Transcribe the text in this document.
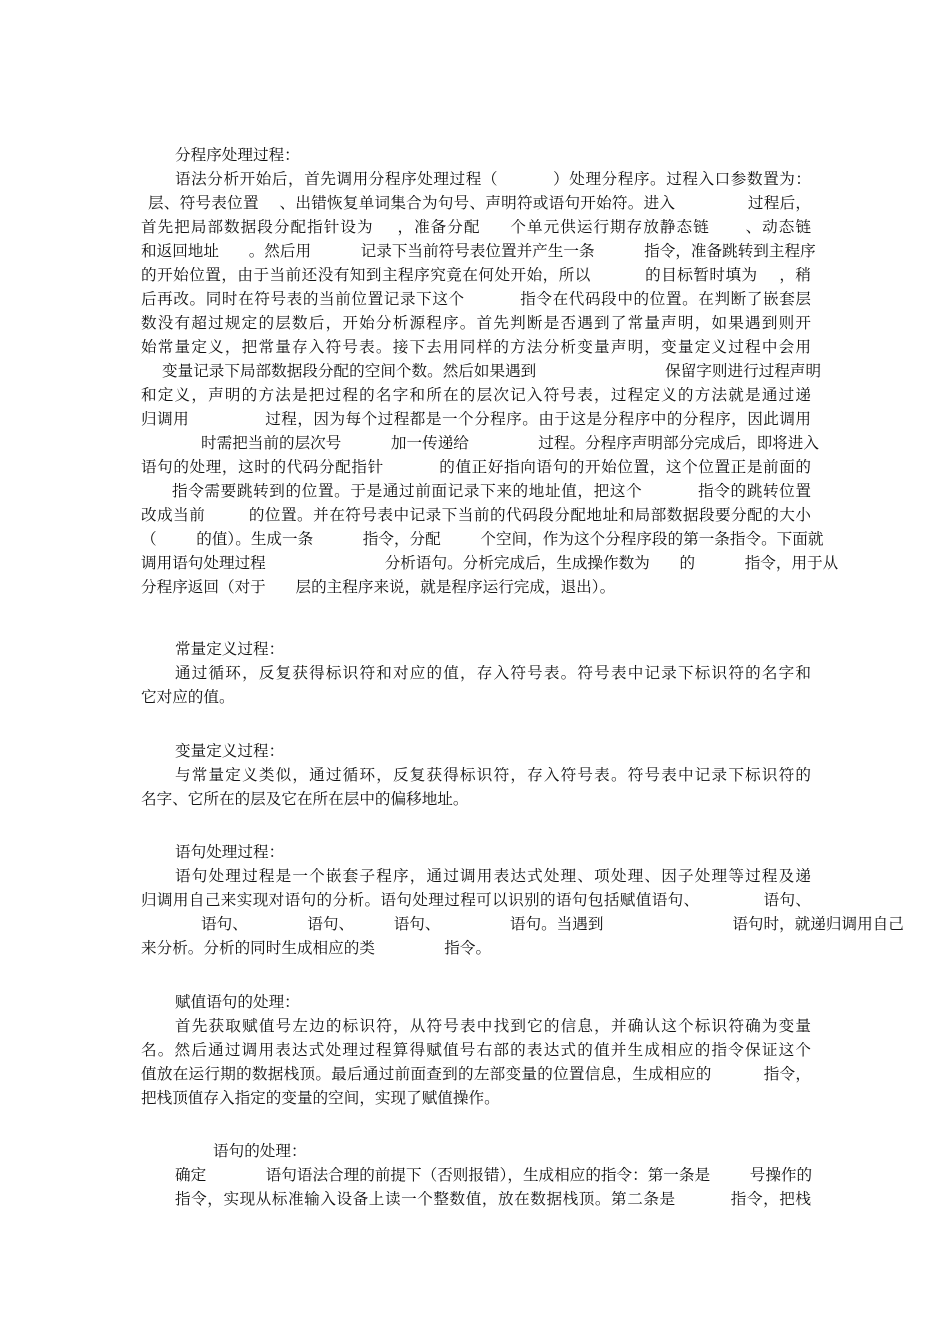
分程序处理过程：
语法分析开始后，首先调用分程序处理过程（          ）处理分程序。过程入口参数置为：
层、符号表位置    、出错恢复单词集合为句号、声明符或语句开始符。进入              过程后，
首先把局部数据段分配指针设为    ，准备分配     个单元供运行期存放静态链      、动态链
和返回地址      。然后用          记录下当前符号表位置并产生一条          指令，准备跳转到主程序
的开始位置，由于当前还没有知到主程序究竟在何处开始，所以          的目标暂时填为    ，稍
后再改。同时在符号表的当前位置记录下这个          指令在代码段中的位置。在判断了嵌套层
数没有超过规定的层数后，开始分析源程序。首先判断是否遇到了常量声明，如果遇到则开
始常量定义，把常量存入符号表。接下去用同样的方法分析变量声明，变量定义过程中会用
变量记录下局部数据段分配的空间个数。然后如果遇到                          保留字则进行过程声明
和定义，声明的方法是把过程的名字和所在的层次记入符号表，过程定义的方法就是通过递
归调用              过程，因为每个过程都是一个分程序。由于这是分程序中的分程序，因此调用
时需把当前的层次号          加一传递给              过程。分程序声明部分完成后，即将进入
语句的处理，这时的代码分配指针          的值正好指向语句的开始位置，这个位置正是前面的
指令需要跳转到的位置。于是通过前面记录下来的地址值，把这个          指令的跳转位置
改成当前        的位置。并在符号表中记录下当前的代码段分配地址和局部数据段要分配的大小
（        的值）。生成一条          指令，分配        个空间，作为这个分程序段的第一条指令。下面就
调用语句处理过程                        分析语句。分析完成后，生成操作数为      的          指令，用于从
分程序返回（对于      层的主程序来说，就是程序运行完成，退出）。
常量定义过程：
通过循环，反复获得标识符和对应的值，存入符号表。符号表中记录下标识符的名字和
它对应的值。
变量定义过程：
与常量定义类似，通过循环，反复获得标识符，存入符号表。符号表中记录下标识符的
名字、它所在的层及它在所在层中的偏移地址。
语句处理过程：
语句处理过程是一个嵌套子程序，通过调用表达式处理、项处理、因子处理等过程及递
归调用自己来实现对语句的分析。语句处理过程可以识别的语句包括赋值语句、            语句、
语句、            语句、        语句、              语句。当遇到                          语句时，就递归调用自己
来分析。分析的同时生成相应的类              指令。
赋值语句的处理：
首先获取赋值号左边的标识符，从符号表中找到它的信息，并确认这个标识符确为变量
名。然后通过调用表达式处理过程算得赋值号右部的表达式的值并生成相应的指令保证这个
值放在运行期的数据栈顶。最后通过前面查到的左部变量的位置信息，生成相应的          指令，
把栈顶值存入指定的变量的空间，实现了赋值操作。
语句的处理：
确定            语句语法合理的前提下（否则报错），生成相应的指令：第一条是        号操作的
指令，实现从标准输入设备上读一个整数值，放在数据栈顶。第二条是          指令，把栈
